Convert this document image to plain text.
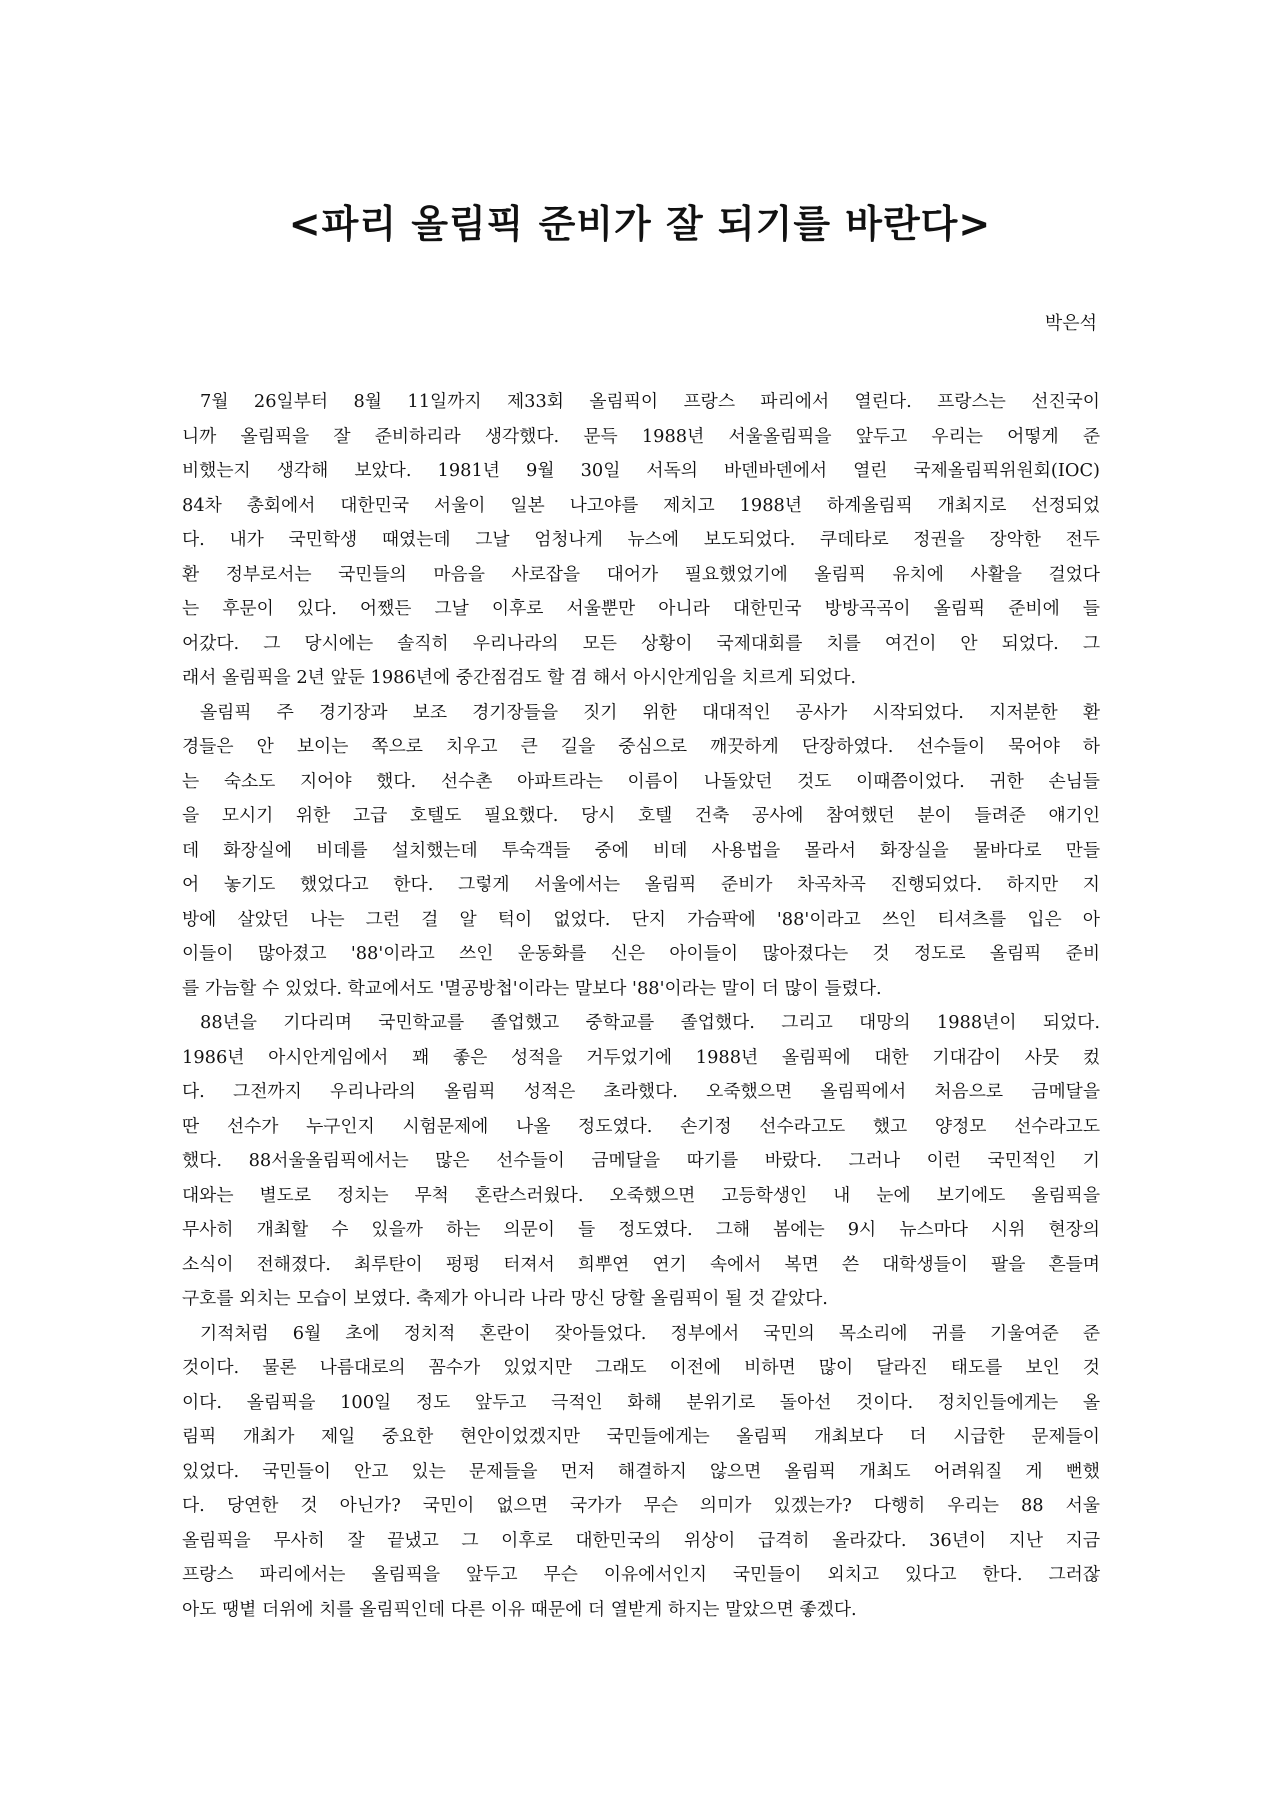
<파리 올림픽 준비가 잘 되기를 바란다>
박은석

7월 26일부터 8월 11일까지 제33회 올림픽이 프랑스 파리에서 열린다. 프랑스는 선진국이
니까 올림픽을 잘 준비하리라 생각했다. 문득 1988년 서울올림픽을 앞두고 우리는 어떻게 준
비했는지 생각해 보았다. 1981년 9월 30일 서독의 바덴바덴에서 열린 국제올림픽위원회(IOC)
84차 총회에서 대한민국 서울이 일본 나고야를 제치고 1988년 하계올림픽 개최지로 선정되었
다. 내가 국민학생 때였는데 그날 엄청나게 뉴스에 보도되었다. 쿠데타로 정권을 장악한 전두
환 정부로서는 국민들의 마음을 사로잡을 대어가 필요했었기에 올림픽 유치에 사활을 걸었다
는 후문이 있다. 어쨌든 그날 이후로 서울뿐만 아니라 대한민국 방방곡곡이 올림픽 준비에 들
어갔다. 그 당시에는 솔직히 우리나라의 모든 상황이 국제대회를 치를 여건이 안 되었다. 그
래서 올림픽을 2년 앞둔 1986년에 중간점검도 할 겸 해서 아시안게임을 치르게 되었다.

올림픽 주 경기장과 보조 경기장들을 짓기 위한 대대적인 공사가 시작되었다. 지저분한 환
경들은 안 보이는 쪽으로 치우고 큰 길을 중심으로 깨끗하게 단장하였다. 선수들이 묵어야 하
는 숙소도 지어야 했다. 선수촌 아파트라는 이름이 나돌았던 것도 이때쯤이었다. 귀한 손님들
을 모시기 위한 고급 호텔도 필요했다. 당시 호텔 건축 공사에 참여했던 분이 들려준 얘기인
데 화장실에 비데를 설치했는데 투숙객들 중에 비데 사용법을 몰라서 화장실을 물바다로 만들
어 놓기도 했었다고 한다. 그렇게 서울에서는 올림픽 준비가 차곡차곡 진행되었다. 하지만 지
방에 살았던 나는 그런 걸 알 턱이 없었다. 단지 가슴팍에 '88'이라고 쓰인 티셔츠를 입은 아
이들이 많아졌고 '88'이라고 쓰인 운동화를 신은 아이들이 많아졌다는 것 정도로 올림픽 준비
를 가늠할 수 있었다. 학교에서도 '멸공방첩'이라는 말보다 '88'이라는 말이 더 많이 들렸다.

88년을 기다리며 국민학교를 졸업했고 중학교를 졸업했다. 그리고 대망의 1988년이 되었다.
1986년 아시안게임에서 꽤 좋은 성적을 거두었기에 1988년 올림픽에 대한 기대감이 사뭇 컸
다. 그전까지 우리나라의 올림픽 성적은 초라했다. 오죽했으면 올림픽에서 처음으로 금메달을
딴 선수가 누구인지 시험문제에 나올 정도였다. 손기정 선수라고도 했고 양정모 선수라고도
했다. 88서울올림픽에서는 많은 선수들이 금메달을 따기를 바랐다. 그러나 이런 국민적인 기
대와는 별도로 정치는 무척 혼란스러웠다. 오죽했으면 고등학생인 내 눈에 보기에도 올림픽을
무사히 개최할 수 있을까 하는 의문이 들 정도였다. 그해 봄에는 9시 뉴스마다 시위 현장의
소식이 전해졌다. 최루탄이 펑펑 터져서 희뿌연 연기 속에서 복면 쓴 대학생들이 팔을 흔들며
구호를 외치는 모습이 보였다. 축제가 아니라 나라 망신 당할 올림픽이 될 것 같았다.

기적처럼 6월 초에 정치적 혼란이 잦아들었다. 정부에서 국민의 목소리에 귀를 기울여준 준
것이다. 물론 나름대로의 꼼수가 있었지만 그래도 이전에 비하면 많이 달라진 태도를 보인 것
이다. 올림픽을 100일 정도 앞두고 극적인 화해 분위기로 돌아선 것이다. 정치인들에게는 올
림픽 개최가 제일 중요한 현안이었겠지만 국민들에게는 올림픽 개최보다 더 시급한 문제들이
있었다. 국민들이 안고 있는 문제들을 먼저 해결하지 않으면 올림픽 개최도 어려워질 게 뻔했
다. 당연한 것 아닌가? 국민이 없으면 국가가 무슨 의미가 있겠는가? 다행히 우리는 88 서울
올림픽을 무사히 잘 끝냈고 그 이후로 대한민국의 위상이 급격히 올라갔다. 36년이 지난 지금
프랑스 파리에서는 올림픽을 앞두고 무슨 이유에서인지 국민들이 외치고 있다고 한다. 그러잖
아도 땡볕 더위에 치를 올림픽인데 다른 이유 때문에 더 열받게 하지는 말았으면 좋겠다.
